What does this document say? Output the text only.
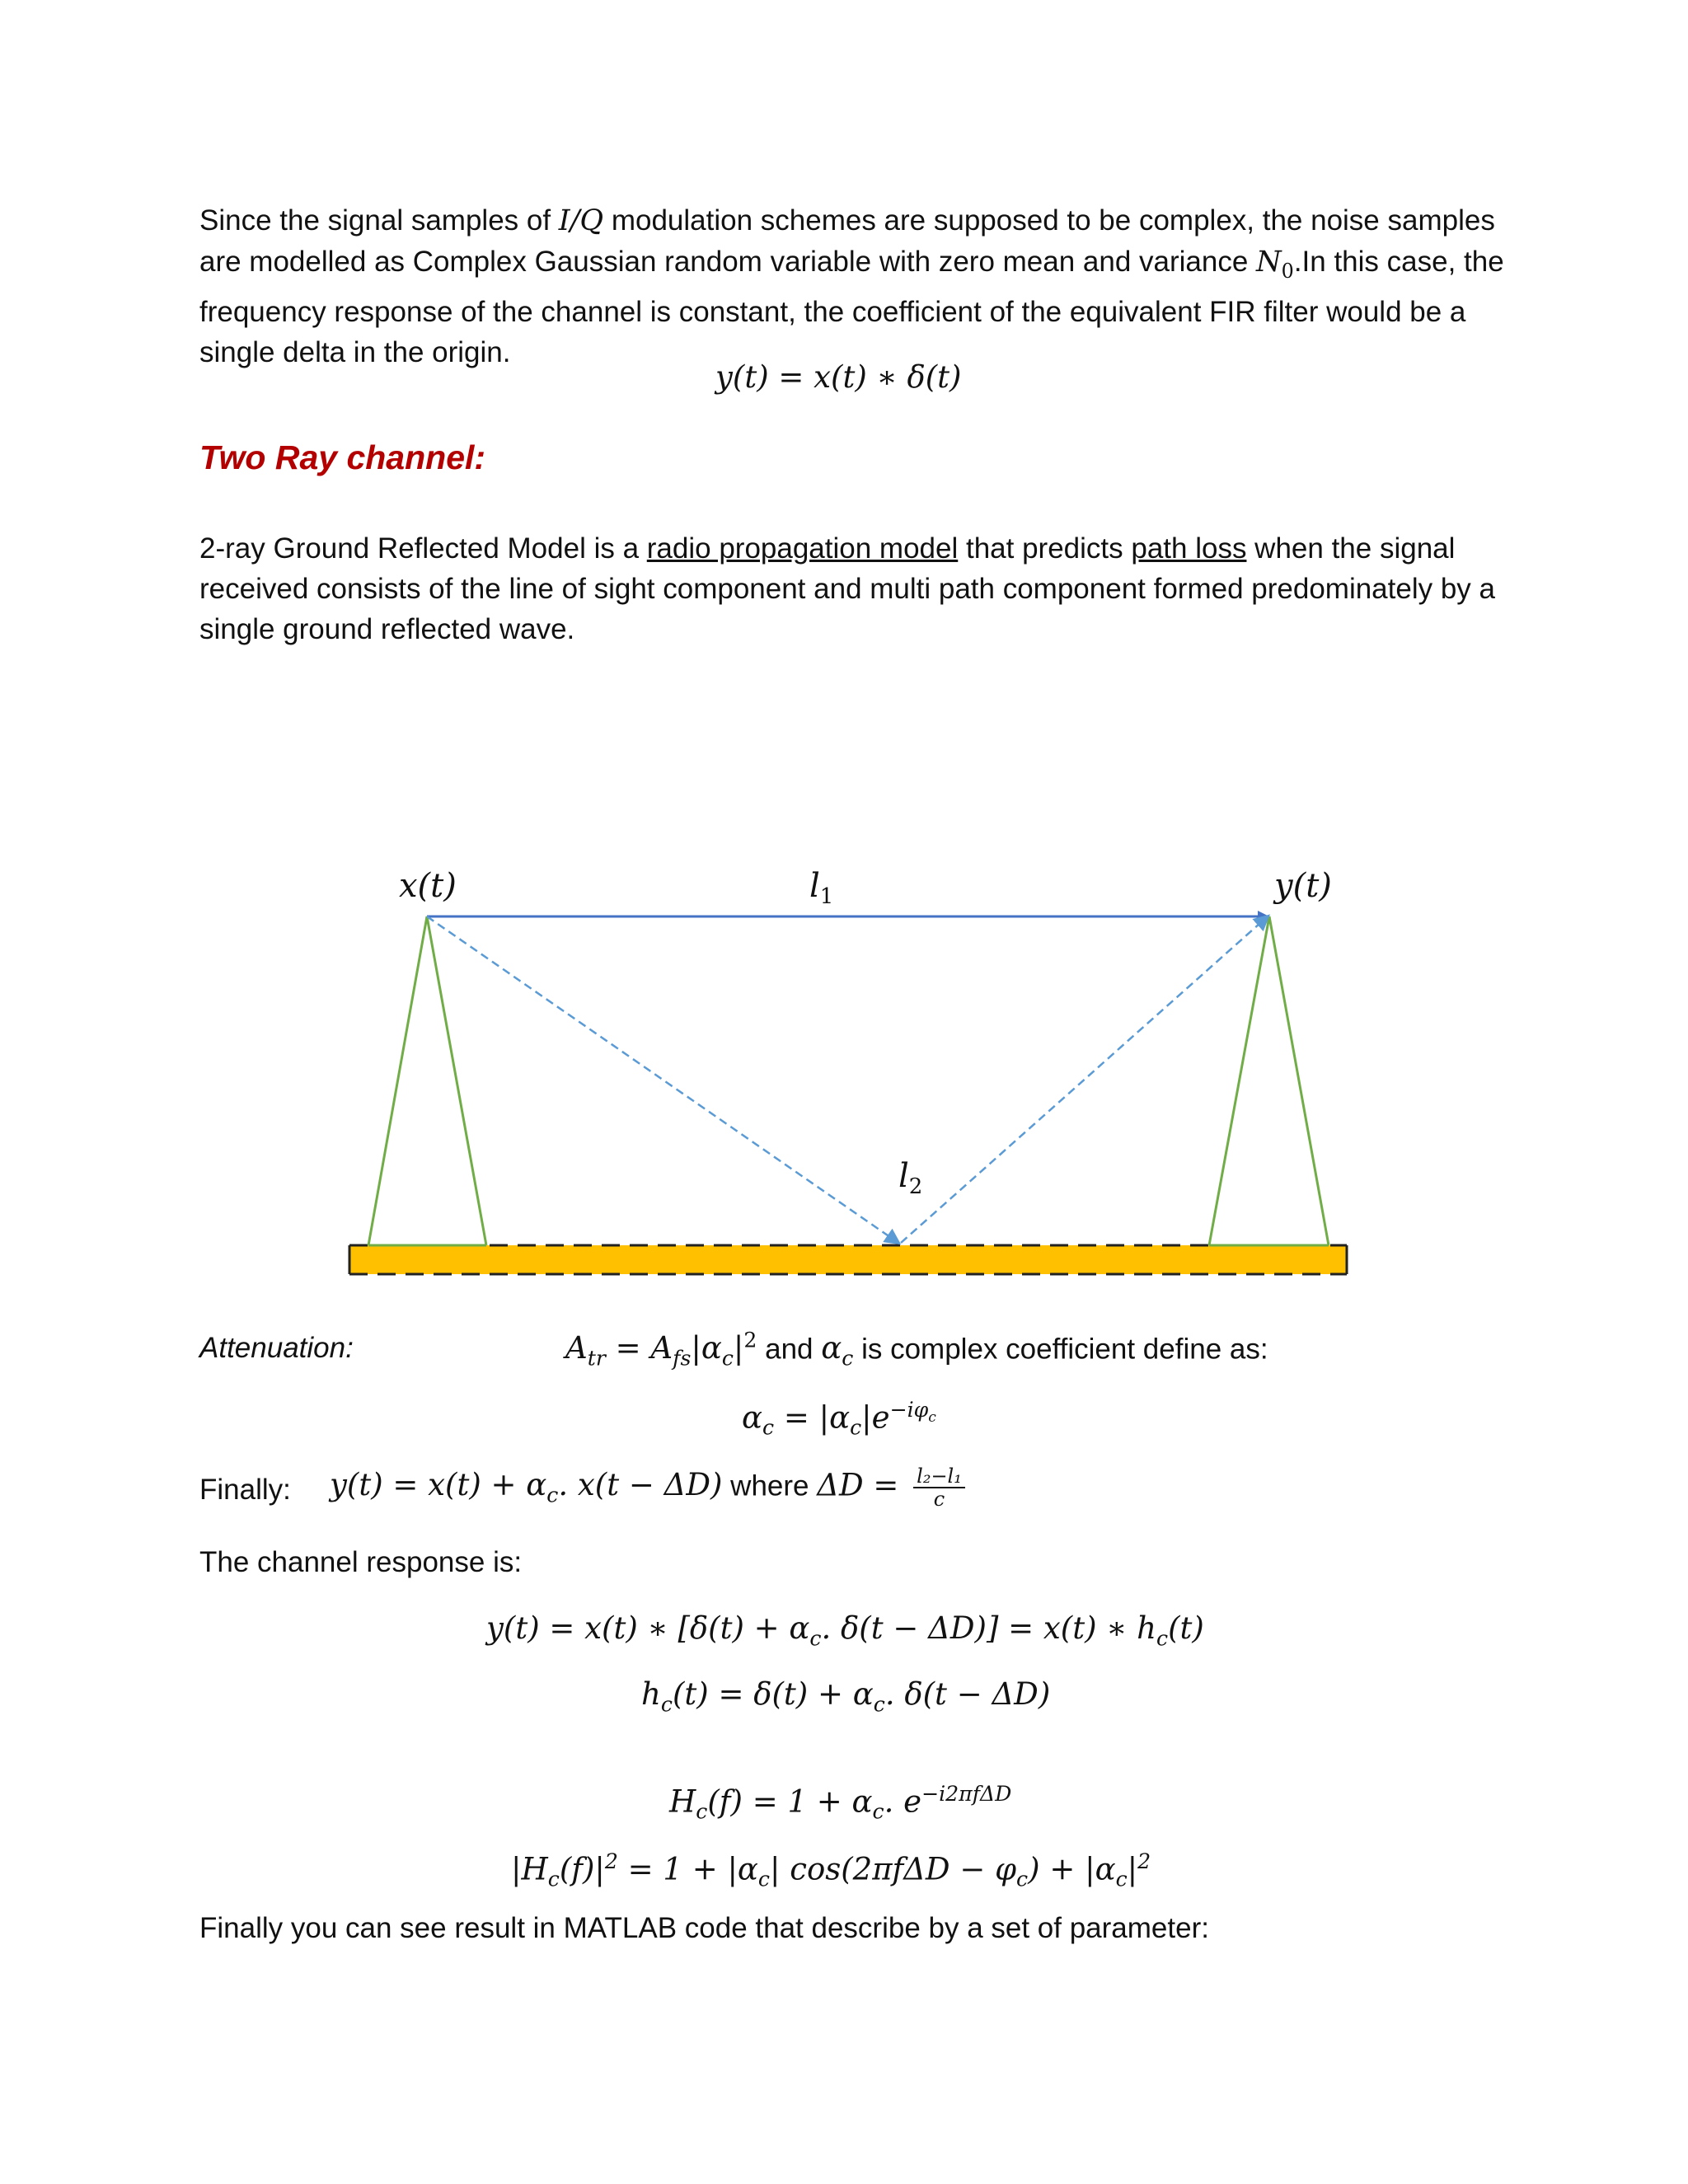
Since the signal samples of I/Q modulation schemes are supposed to be complex, the noise samples are modelled as Complex Gaussian random variable with zero mean and variance $N_0.In$ this case, the frequency response of the channel is constant, the coefficient of the equivalent FIR filter would be a single delta in the origin.

y(t) = x(t) ∗ δ(t)
Two Ray channel:

2-ray Ground Reflected Model is a radio propagation model that predicts path loss when the signal received consists of the line of sight component and multi path component formed predominately by a single ground reflected wave.

x(t)	y(t)
$l_1$
$l_2$
Attenuation:	$A_{tr} = A_{fs}|\alpha_c|^2$ and $\alpha_c$ is complex coefficient define as:
$\alpha_c = |\alpha_c|e^{-i\varphi_c}$
Finally: $y(t) = x(t) + \alpha_c$. x(t − ΔD) where $\Delta D = \frac{\text{l₂−l₁}}{c}$
The channel response is:
y(t) = x(t) ∗ [$\delta(t) + \alpha_c$. δ(t − ΔD)] = x(t) ∗ $h_c(t)$
$h_c(t) = \delta(t) + \alpha_c$. δ(t − ΔD)
$H_c(f) = 1 + \alpha_c$. $e^{-i2\pi f\Delta D}$
$|H_c(f)|^2 = 1 + |\alpha_c|$ $\cos(2\pi f\Delta D - \varphi_c) + |\alpha_c|^2$
Finally you can see result in MATLAB code that describe by a set of parameter:
